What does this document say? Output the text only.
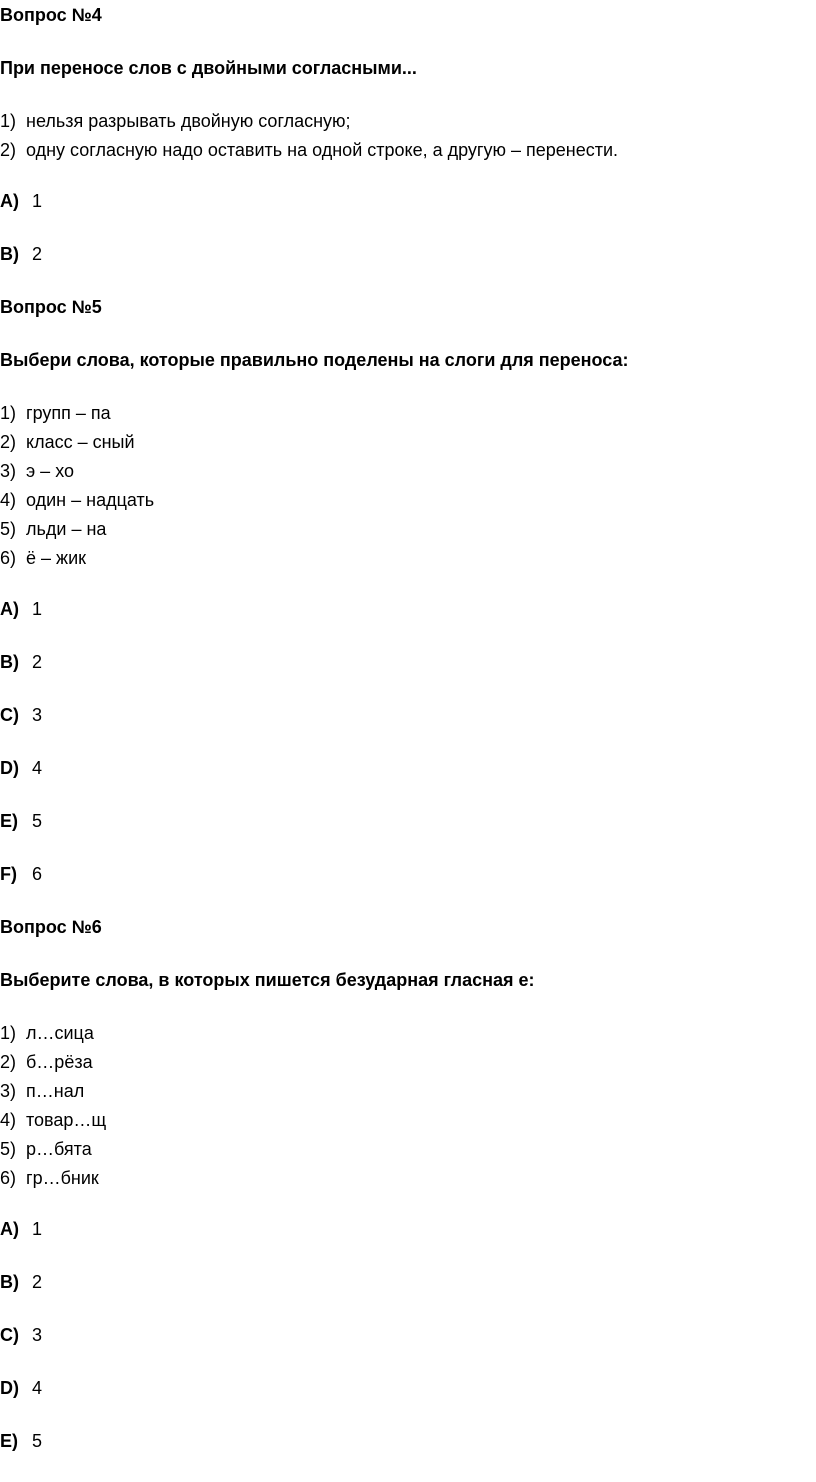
Вопрос №4
При переносе слов с двойными согласными...
1) нельзя разрывать двойную согласную;
2) одну согласную надо оставить на одной строке, а другую – перенести.
A) 1
B) 2
Вопрос №5
Выбери слова, которые правильно поделены на слоги для переноса:
1) групп – па
2) класс – сный
3) э – хо
4) один – надцать
5) льди – на
6) ё – жик
A) 1
B) 2
C) 3
D) 4
E) 5
F) 6
Вопрос №6
Выберите слова, в которых пишется безударная гласная е:
1) л…сица
2) б…рёза
3) п…нал
4) товар…щ
5) р…бята
6) гр…бник
A) 1
B) 2
C) 3
D) 4
E) 5
